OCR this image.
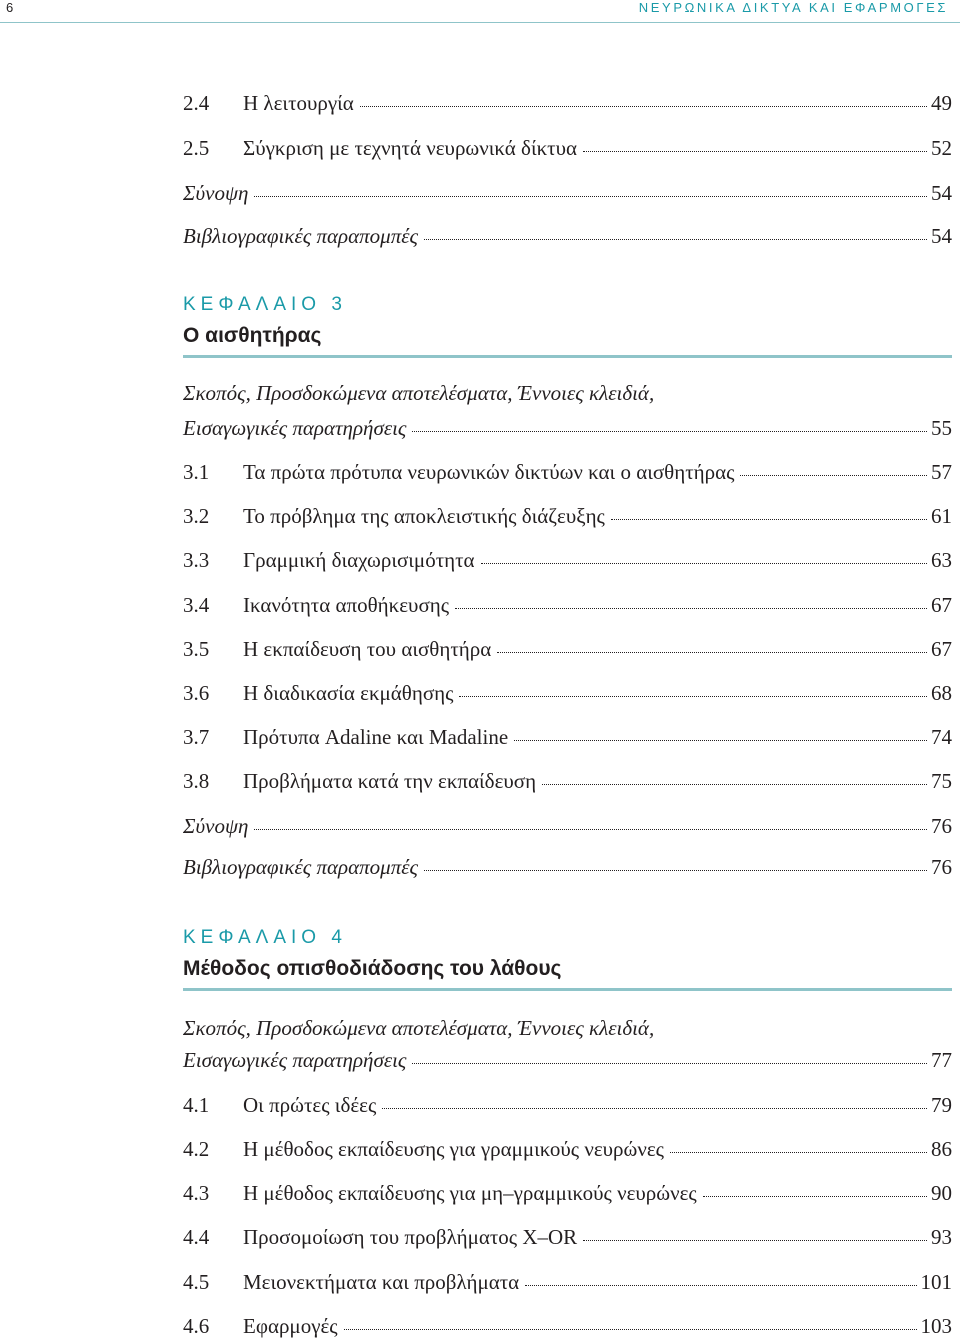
6	ΝΕΥΡΩΝΙΚΑ ΔΙΚΤΥΑ ΚΑΙ ΕΦΑΡΜΟΓΕΣ
2.4	Η λειτουργία	49
2.5	Σύγκριση με τεχνητά νευρωνικά δίκτυα	52
Σύνοψη	54
Βιβλιογραφικές παραπομπές	54
ΚΕΦΑΛΑΙΟ 3
Ο αισθητήρας
Σκοπός, Προσδοκώμενα αποτελέσματα, Έννοιες κλειδιά,
Εισαγωγικές παρατηρήσεις	55
3.1	Τα πρώτα πρότυπα νευρωνικών δικτύων και ο αισθητήρας	57
3.2	Το πρόβλημα της αποκλειστικής διάζευξης	61
3.3	Γραμμική διαχωρισιμότητα	63
3.4	Ικανότητα αποθήκευσης	67
3.5	Η εκπαίδευση του αισθητήρα	67
3.6	Η διαδικασία εκμάθησης	68
3.7	Πρότυπα Adaline και Madaline	74
3.8	Προβλήματα κατά την εκπαίδευση	75
Σύνοψη	76
Βιβλιογραφικές παραπομπές	76
ΚΕΦΑΛΑΙΟ 4
Μέθοδος οπισθοδιάδοσης του λάθους
Σκοπός, Προσδοκώμενα αποτελέσματα, Έννοιες κλειδιά,
Εισαγωγικές παρατηρήσεις	77
4.1	Οι πρώτες ιδέες	79
4.2	Η μέθοδος εκπαίδευσης για γραμμικούς νευρώνες	86
4.3	Η μέθοδος εκπαίδευσης για μη–γραμμικούς νευρώνες	90
4.4	Προσομοίωση του προβλήματος X–OR	93
4.5	Μειονεκτήματα και προβλήματα	101
4.6	Εφαρμογές	103
